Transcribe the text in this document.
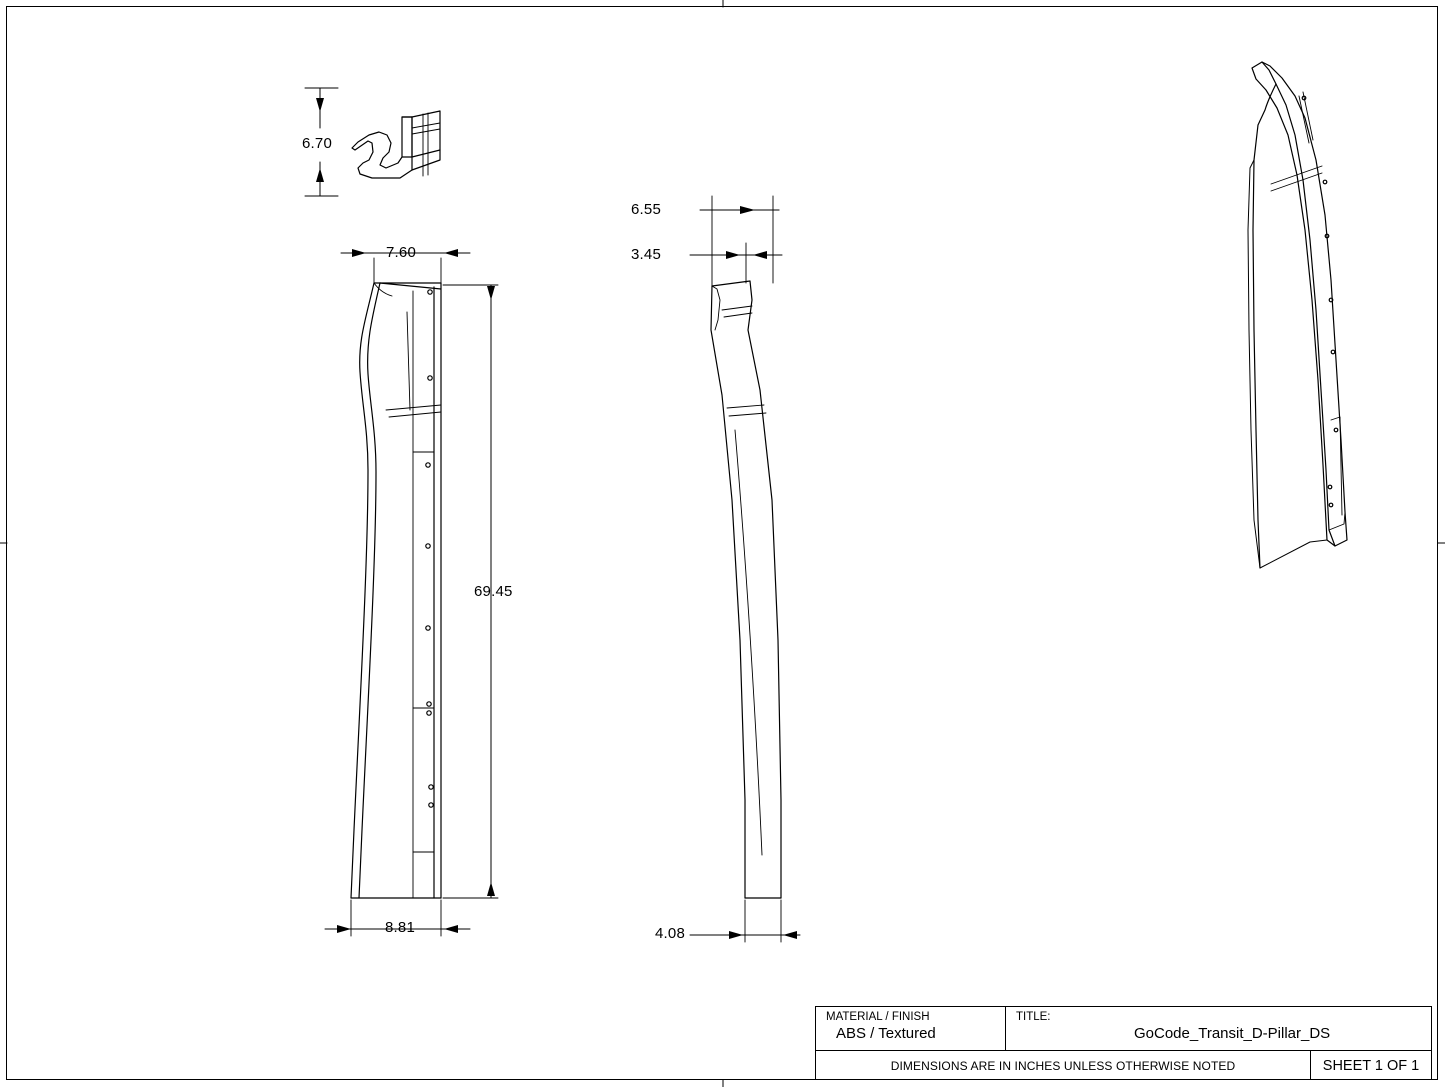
6.70
7.60
69.45
8.81
6.55
3.45
4.08
MATERIAL / FINISH
ABS / Textured
TITLE:
GoCode_Transit_D-Pillar_DS
DIMENSIONS ARE IN INCHES UNLESS OTHERWISE NOTED	SHEET 1 OF 1
